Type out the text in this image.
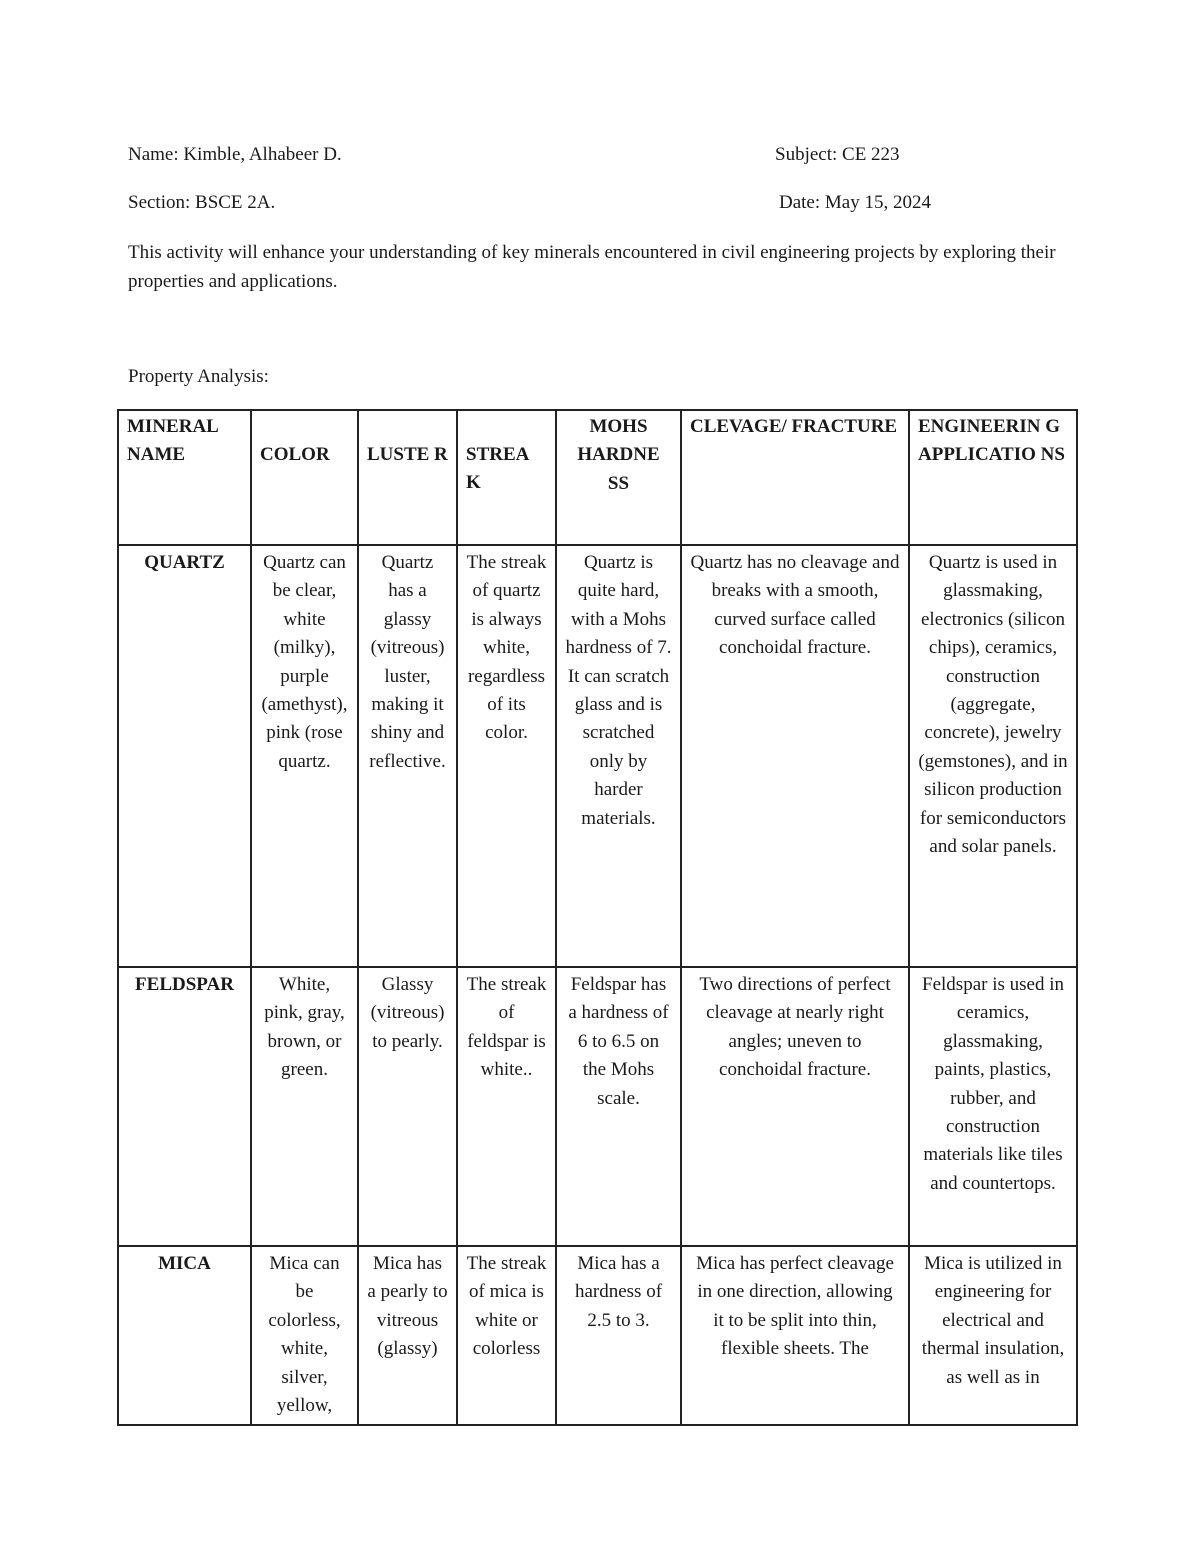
Name: Kimble, Alhabeer D.	Subject: CE 223
Section: BSCE 2A.	Date: May 15, 2024
This activity will enhance your understanding of key minerals encountered in civil engineering projects by exploring their properties and applications.
Property Analysis:
MINERAL NAME	COLOR	LUSTE R	STREA K	MOHS HARDNE SS	CLEVAGE/ FRACTURE	ENGINEERIN G APPLICATIO NS
QUARTZ	Quartz can be clear, white (milky), purple (amethyst), pink (rose quartz.	Quartz has a glassy (vitreous) luster, making it shiny and reflective.	The streak of quartz is always white, regardless of its color.	Quartz is quite hard, with a Mohs hardness of 7. It can scratch glass and is scratched only by harder materials.	Quartz has no cleavage and breaks with a smooth, curved surface called conchoidal fracture.	Quartz is used in glassmaking, electronics (silicon chips), ceramics, construction (aggregate, concrete), jewelry (gemstones), and in silicon production for semiconductors and solar panels.
FELDSPAR	White, pink, gray, brown, or green.	Glassy (vitreous) to pearly.	The streak of feldspar is white..	Feldspar has a hardness of 6 to 6.5 on the Mohs scale.	Two directions of perfect cleavage at nearly right angles; uneven to conchoidal fracture.	Feldspar is used in ceramics, glassmaking, paints, plastics, rubber, and construction materials like tiles and countertops.
MICA	Mica can be colorless, white, silver, yellow,	Mica has a pearly to vitreous (glassy)	The streak of mica is white or colorless	Mica has a hardness of 2.5 to 3.	Mica has perfect cleavage in one direction, allowing it to be split into thin, flexible sheets. The	Mica is utilized in engineering for electrical and thermal insulation, as well as in
